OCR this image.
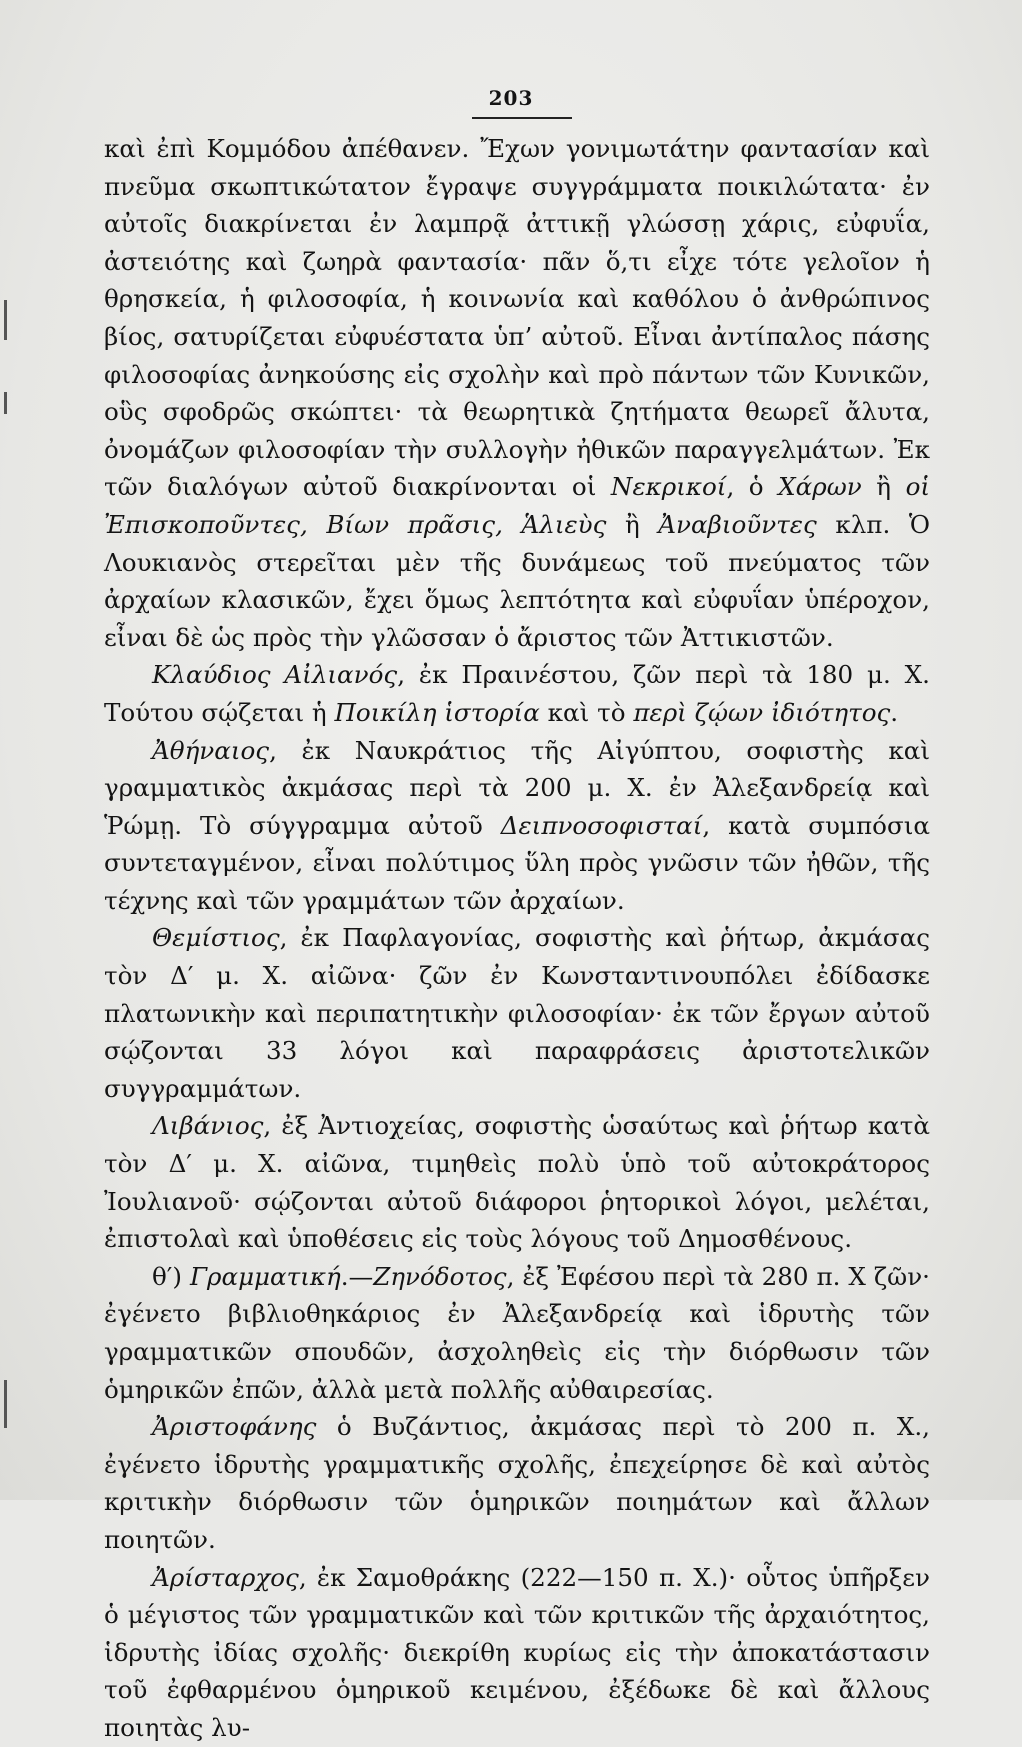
203

καὶ ἐπὶ Κομμόδου ἀπέθανεν. Ἔχων γονιμωτάτην φαντασίαν καὶ πνεῦμα σκωπτικώτατον ἔγραψε συγγράμματα ποικιλώτατα· ἐν αὐτοῖς διακρίνεται ἐν λαμπρᾷ ἀττικῇ γλώσσῃ χάρις, εὐφυΐα, ἀστειότης καὶ ζωηρὰ φαντασία· πᾶν ὅ,τι εἶχε τότε γελοῖον ἡ θρησκεία, ἡ φιλοσοφία, ἡ κοινωνία καὶ καθόλου ὁ ἀνθρώπινος βίος, σατυρίζεται εὐφυέστατα ὑπ’ αὐτοῦ. Εἶναι ἀντίπαλος πάσης φιλοσοφίας ἀνηκούσης εἰς σχολὴν καὶ πρὸ πάντων τῶν Κυνικῶν, οὓς σφοδρῶς σκώπτει· τὰ θεωρητικὰ ζητήματα θεωρεῖ ἄλυτα, ὀνομάζων φιλοσοφίαν τὴν συλλογὴν ἠθικῶν παραγγελμάτων. Ἐκ τῶν διαλόγων αὐτοῦ διακρίνονται οἱ Νεκρικοί, ὁ Χάρων ἢ οἱ Ἐπισκοποῦντες, Βίων πρᾶσις, Ἁλιεὺς ἢ Ἀναβιοῦντες κλπ. Ὁ Λουκιανὸς στερεῖται μὲν τῆς δυνάμεως τοῦ πνεύματος τῶν ἀρχαίων κλασικῶν, ἔχει ὅμως λεπτότητα καὶ εὐφυΐαν ὑπέροχον, εἶναι δὲ ὡς πρὸς τὴν γλῶσσαν ὁ ἄριστος τῶν Ἀττικιστῶν.

Κλαύδιος Αἰλιανός, ἐκ Πραινέστου, ζῶν περὶ τὰ 180 μ. Χ. Τούτου σῴζεται ἡ Ποικίλη ἱστορία καὶ τὸ περὶ ζῴων ἰδιότητος.

Ἀθήναιος, ἐκ Ναυκράτιος τῆς Αἰγύπτου, σοφιστὴς καὶ γραμματικὸς ἀκμάσας περὶ τὰ 200 μ. Χ. ἐν Ἀλεξανδρείᾳ καὶ Ῥώμῃ. Τὸ σύγγραμμα αὐτοῦ Δειπνοσοφισταί, κατὰ συμπόσια συντεταγμένον, εἶναι πολύτιμος ὕλη πρὸς γνῶσιν τῶν ἠθῶν, τῆς τέχνης καὶ τῶν γραμμάτων τῶν ἀρχαίων.

Θεμίστιος, ἐκ Παφλαγονίας, σοφιστὴς καὶ ῥήτωρ, ἀκμάσας τὸν Δ′ μ. Χ. αἰῶνα· ζῶν ἐν Κωνσταντινουπόλει ἐδίδασκε πλατωνικὴν καὶ περιπατητικὴν φιλοσοφίαν· ἐκ τῶν ἔργων αὐτοῦ σῴζονται 33 λόγοι καὶ παραφράσεις ἀριστοτελικῶν συγγραμμάτων.

Λιβάνιος, ἐξ Ἀντιοχείας, σοφιστὴς ὡσαύτως καὶ ῥήτωρ κατὰ τὸν Δ′ μ. Χ. αἰῶνα, τιμηθεὶς πολὺ ὑπὸ τοῦ αὐτοκράτορος Ἰουλιανοῦ· σῴζονται αὐτοῦ διάφοροι ῥητορικοὶ λόγοι, μελέται, ἐπιστολαὶ καὶ ὑποθέσεις εἰς τοὺς λόγους τοῦ Δημοσθένους.

θ′) Γραμματική.—Ζηνόδοτος, ἐξ Ἐφέσου περὶ τὰ 280 π. Χ ζῶν· ἐγένετο βιβλιοθηκάριος ἐν Ἀλεξανδρείᾳ καὶ ἱδρυτὴς τῶν γραμματικῶν σπουδῶν, ἀσχοληθεὶς εἰς τὴν διόρθωσιν τῶν ὁμηρικῶν ἐπῶν, ἀλλὰ μετὰ πολλῆς αὐθαιρεσίας.

Ἀριστοφάνης ὁ Βυζάντιος, ἀκμάσας περὶ τὸ 200 π. Χ., ἐγένετο ἱδρυτὴς γραμματικῆς σχολῆς, ἐπεχείρησε δὲ καὶ αὐτὸς κριτικὴν διόρθωσιν τῶν ὁμηρικῶν ποιημάτων καὶ ἄλλων ποιητῶν.

Ἀρίσταρχος, ἐκ Σαμοθράκης (222—150 π. Χ.)· οὗτος ὑπῆρξεν ὁ μέγιστος τῶν γραμματικῶν καὶ τῶν κριτικῶν τῆς ἀρχαιότητος, ἱδρυτὴς ἰδίας σχολῆς· διεκρίθη κυρίως εἰς τὴν ἀποκατάστασιν τοῦ ἐφθαρμένου ὁμηρικοῦ κειμένου, ἐξέδωκε δὲ καὶ ἄλλους ποιητὰς λυ-
